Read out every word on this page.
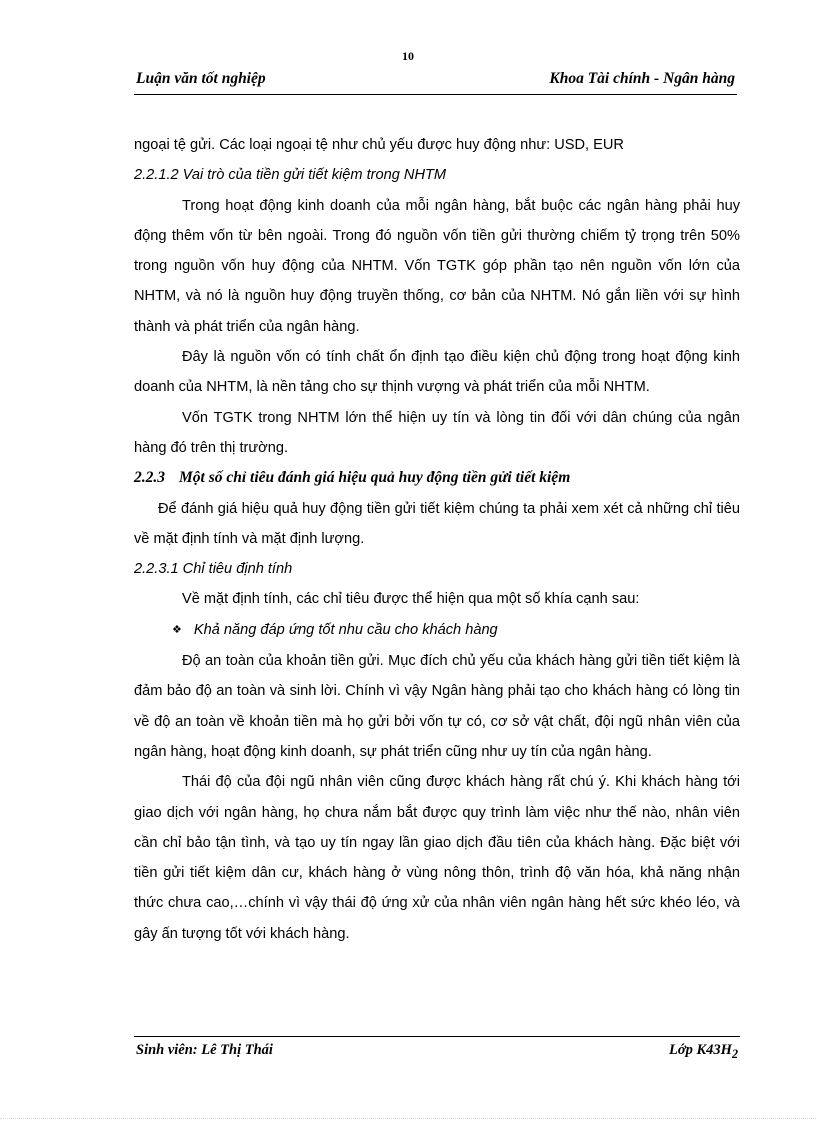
10
Luận văn tốt nghiệp	Khoa Tài chính - Ngân hàng

ngoại tệ gửi. Các loại ngoại tệ như chủ yếu được huy động như: USD, EUR

2.2.1.2 Vai trò của tiền gửi tiết kiệm trong NHTM

Trong hoạt động kinh doanh của mỗi ngân hàng, bắt buộc các ngân hàng phải huy động thêm vốn từ bên ngoài. Trong đó nguồn vốn tiền gửi thường chiếm tỷ trọng trên 50% trong nguồn vốn huy động của NHTM. Vốn TGTK góp phần tạo nên nguồn vốn lớn của NHTM, và nó là nguồn huy động truyền thống, cơ bản của NHTM. Nó gắn liền với sự hình thành và phát triển của ngân hàng.

Đây là nguồn vốn có tính chất ổn định tạo điều kiện chủ động trong hoạt động kinh doanh của NHTM, là nền tảng cho sự thịnh vượng và phát triển của mỗi NHTM.

Vốn TGTK trong NHTM lớn thể hiện uy tín và lòng tin đối với dân chúng của ngân hàng đó trên thị trường.

2.2.3 Một số chỉ tiêu đánh giá hiệu quả huy động tiền gửi tiết kiệm

Để đánh giá hiệu quả huy động tiền gửi tiết kiệm chúng ta phải xem xét cả những chỉ tiêu về mặt định tính và mặt định lượng.

2.2.3.1 Chỉ tiêu định tính

Về mặt định tính, các chỉ tiêu được thể hiện qua một số khía cạnh sau:

❖ Khả năng đáp ứng tốt nhu cầu cho khách hàng

Độ an toàn của khoản tiền gửi. Mục đích chủ yếu của khách hàng gửi tiền tiết kiệm là đảm bảo độ an toàn và sinh lời. Chính vì vậy Ngân hàng phải tạo cho khách hàng có lòng tin về độ an toàn về khoản tiền mà họ gửi bởi vốn tự có, cơ sở vật chất, đội ngũ nhân viên của ngân hàng, hoạt động kinh doanh, sự phát triển cũng như uy tín của ngân hàng.

Thái độ của đội ngũ nhân viên cũng được khách hàng rất chú ý. Khi khách hàng tới giao dịch với ngân hàng, họ chưa nắm bắt được quy trình làm việc như thế nào, nhân viên cần chỉ bảo tận tình, và tạo uy tín ngay lần giao dịch đầu tiên của khách hàng. Đặc biệt với tiền gửi tiết kiệm dân cư, khách hàng ở vùng nông thôn, trình độ văn hóa, khả năng nhận thức chưa cao,…chính vì vậy thái độ ứng xử của nhân viên ngân hàng hết sức khéo léo, và gây ấn tượng tốt với khách hàng.

Sinh viên: Lê Thị Thái	Lớp $K43H_2$
